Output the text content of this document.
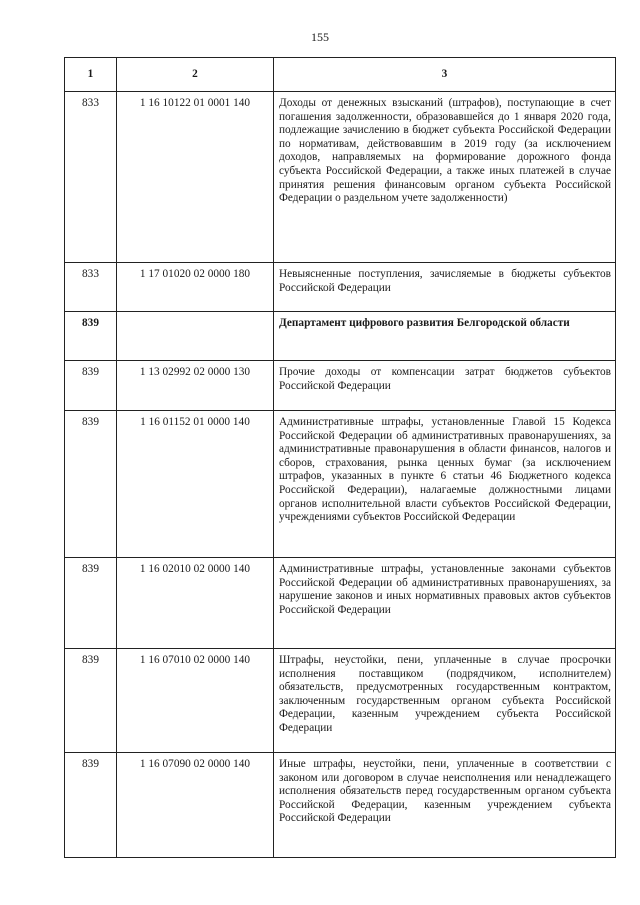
155
1	2	3
833	1 16 10122 01 0001 140	Доходы от денежных взысканий (штрафов), поступающие в счет погашения задолженности, образовавшейся до 1 января 2020 года, подлежащие зачислению в бюджет субъекта Российской Федерации по нормативам, действовавшим в 2019 году (за исключением доходов, направляемых на формирование дорожного фонда субъекта Российской Федерации, а также иных платежей в случае принятия решения финансовым органом субъекта Российской Федерации о раздельном учете задолженности)
833	1 17 01020 02 0000 180	Невыясненные поступления, зачисляемые в бюджеты субъектов Российской Федерации
839		Департамент цифрового развития Белгородской области
839	1 13 02992 02 0000 130	Прочие доходы от компенсации затрат бюджетов субъектов Российской Федерации
839	1 16 01152 01 0000 140	Административные штрафы, установленные Главой 15 Кодекса Российской Федерации об административных правонарушениях, за административные правонарушения в области финансов, налогов и сборов, страхования, рынка ценных бумаг (за исключением штрафов, указанных в пункте 6 статьи 46 Бюджетного кодекса Российской Федерации), налагаемые должностными лицами органов исполнительной власти субъектов Российской Федерации, учреждениями субъектов Российской Федерации
839	1 16 02010 02 0000 140	Административные штрафы, установленные законами субъектов Российской Федерации об административных правонарушениях, за нарушение законов и иных нормативных правовых актов субъектов Российской Федерации
839	1 16 07010 02 0000 140	Штрафы, неустойки, пени, уплаченные в случае просрочки исполнения поставщиком (подрядчиком, исполнителем) обязательств, предусмотренных государственным контрактом, заключенным государственным органом субъекта Российской Федерации, казенным учреждением субъекта Российской Федерации
839	1 16 07090 02 0000 140	Иные штрафы, неустойки, пени, уплаченные в соответствии с законом или договором в случае неисполнения или ненадлежащего исполнения обязательств перед государственным органом субъекта Российской Федерации, казенным учреждением субъекта Российской Федерации
